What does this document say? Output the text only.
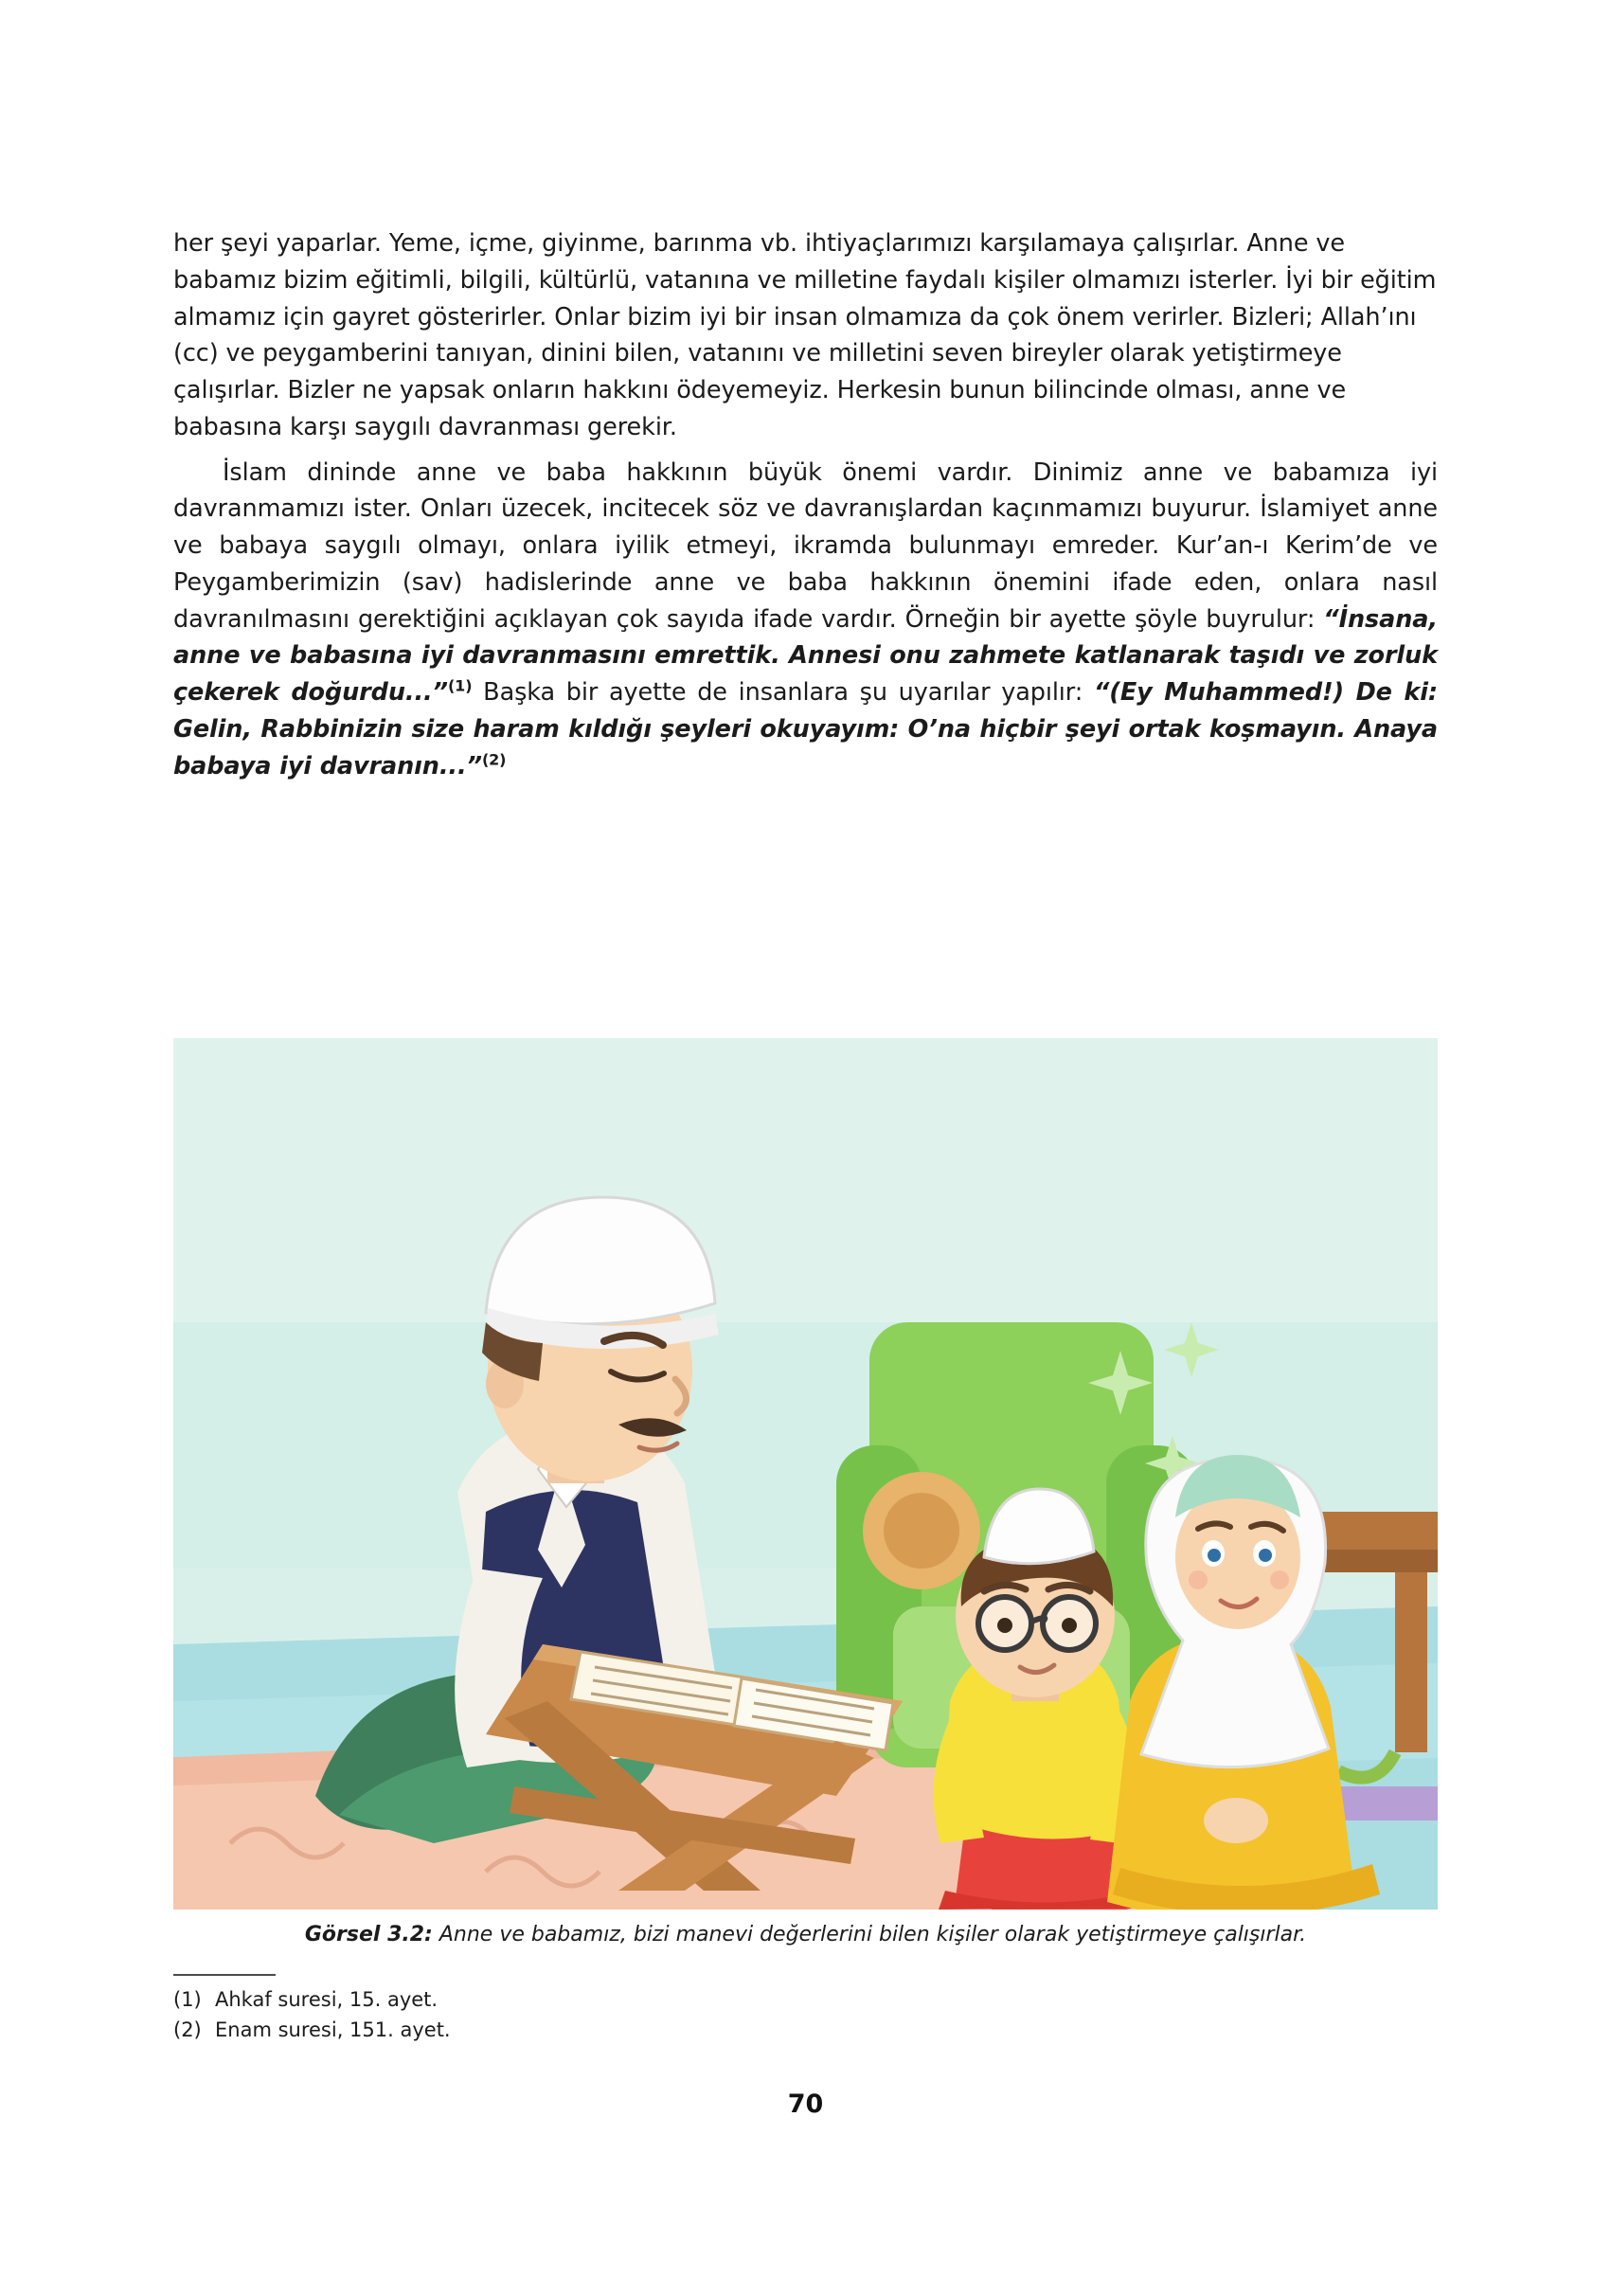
her şeyi yaparlar. Yeme, içme, giyinme, barınma vb. ihtiyaçlarımızı karşılamaya çalışırlar. Anne ve babamız bizim eğitimli, bilgili, kültürlü, vatanına ve milletine faydalı kişiler olmamızı isterler. İyi bir eğitim almamız için gayret gösterirler. Onlar bizim iyi bir insan olmamıza da çok önem verirler. Bizleri; Allah’ını (cc) ve peygamberini tanıyan, dinini bilen, vatanını ve milletini seven bireyler olarak yetiştirmeye çalışırlar. Bizler ne yapsak onların hakkını ödeyemeyiz. Herkesin bunun bilincinde olması, anne ve babasına karşı saygılı davranması gerekir.

İslam dininde anne ve baba hakkının büyük önemi vardır. Dinimiz anne ve babamıza iyi davranmamızı ister. Onları üzecek, incitecek söz ve davranışlardan kaçınmamızı buyurur. İslamiyet anne ve babaya saygılı olmayı, onlara iyilik etmeyi, ikramda bulunmayı emreder. Kur’an-ı Kerim’de ve Peygamberimizin (sav) hadislerinde anne ve baba hakkının önemini ifade eden, onlara nasıl davranılmasını gerektiğini açıklayan çok sayıda ifade vardır. Örneğin bir ayette şöyle buyrulur: “İnsana, anne ve babasına iyi davranmasını emrettik. Annesi onu zahmete katlanarak taşıdı ve zorluk çekerek doğurdu...”$^{(1)}$ Başka bir ayette de insanlara şu uyarılar yapılır: “(Ey Muhammed!) De ki: Gelin, Rabbinizin size haram kıldığı şeyleri okuyayım: O’na hiçbir şeyi ortak koşmayın. Anaya babaya iyi davranın...”$^{(2)}$

Görsel 3.2: Anne ve babamız, bizi manevi değerlerini bilen kişiler olarak yetiştirmeye çalışırlar.
(1) Ahkaf suresi, 15. ayet.
(2) Enam suresi, 151. ayet.
70
